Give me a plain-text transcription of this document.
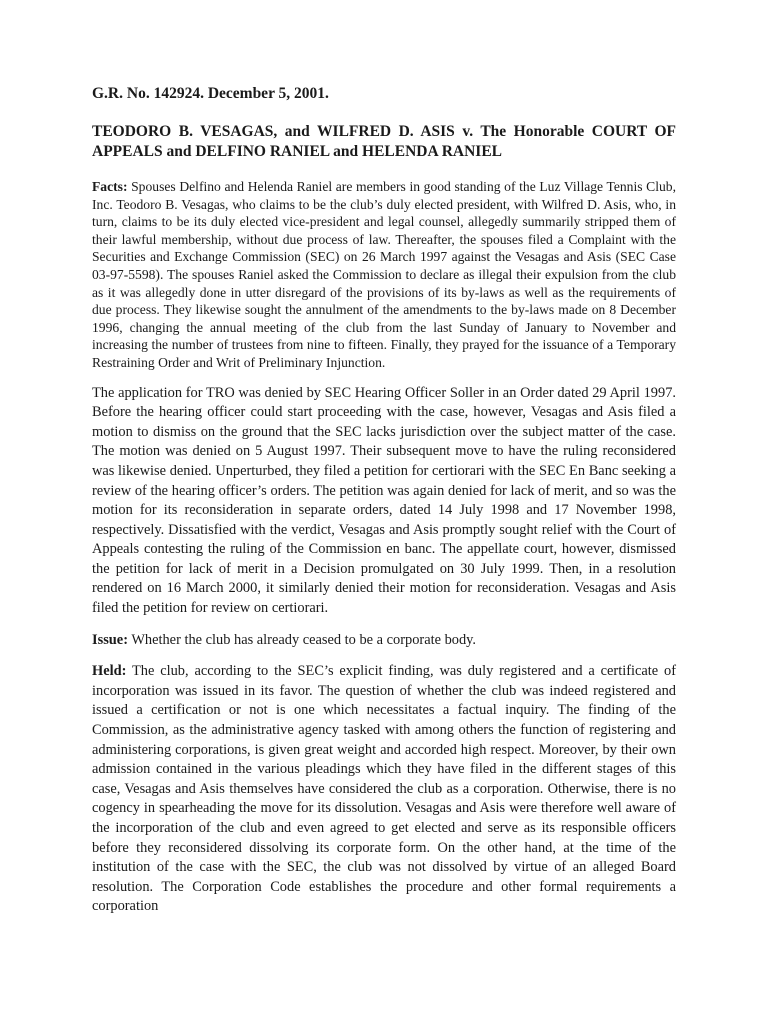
G.R. No. 142924. December 5, 2001.
TEODORO B. VESAGAS, and WILFRED D. ASIS v. The Honorable COURT OF APPEALS and DELFINO RANIEL and HELENDA RANIEL

Facts: Spouses Delfino and Helenda Raniel are members in good standing of the Luz Village Tennis Club, Inc. Teodoro B. Vesagas, who claims to be the club’s duly elected president, with Wilfred D. Asis, who, in turn, claims to be its duly elected vice-president and legal counsel, allegedly summarily stripped them of their lawful membership, without due process of law. Thereafter, the spouses filed a Complaint with the Securities and Exchange Commission (SEC) on 26 March 1997 against the Vesagas and Asis (SEC Case 03-97-5598). The spouses Raniel asked the Commission to declare as illegal their expulsion from the club as it was allegedly done in utter disregard of the provisions of its by-laws as well as the requirements of due process. They likewise sought the annulment of the amendments to the by-laws made on 8 December 1996, changing the annual meeting of the club from the last Sunday of January to November and increasing the number of trustees from nine to fifteen. Finally, they prayed for the issuance of a Temporary Restraining Order and Writ of Preliminary Injunction.

The application for TRO was denied by SEC Hearing Officer Soller in an Order dated 29 April 1997. Before the hearing officer could start proceeding with the case, however, Vesagas and Asis filed a motion to dismiss on the ground that the SEC lacks jurisdiction over the subject matter of the case. The motion was denied on 5 August 1997. Their subsequent move to have the ruling reconsidered was likewise denied. Unperturbed, they filed a petition for certiorari with the SEC En Banc seeking a review of the hearing officer’s orders. The petition was again denied for lack of merit, and so was the motion for its reconsideration in separate orders, dated 14 July 1998 and 17 November 1998, respectively. Dissatisfied with the verdict, Vesagas and Asis promptly sought relief with the Court of Appeals contesting the ruling of the Commission en banc. The appellate court, however, dismissed the petition for lack of merit in a Decision promulgated on 30 July 1999. Then, in a resolution rendered on 16 March 2000, it similarly denied their motion for reconsideration. Vesagas and Asis filed the petition for review on certiorari.

Issue: Whether the club has already ceased to be a corporate body.

Held: The club, according to the SEC’s explicit finding, was duly registered and a certificate of incorporation was issued in its favor. The question of whether the club was indeed registered and issued a certification or not is one which necessitates a factual inquiry. The finding of the Commission, as the administrative agency tasked with among others the function of registering and administering corporations, is given great weight and accorded high respect. Moreover, by their own admission contained in the various pleadings which they have filed in the different stages of this case, Vesagas and Asis themselves have considered the club as a corporation. Otherwise, there is no cogency in spearheading the move for its dissolution. Vesagas and Asis were therefore well aware of the incorporation of the club and even agreed to get elected and serve as its responsible officers before they reconsidered dissolving its corporate form. On the other hand, at the time of the institution of the case with the SEC, the club was not dissolved by virtue of an alleged Board resolution. The Corporation Code establishes the procedure and other formal requirements a corporation
